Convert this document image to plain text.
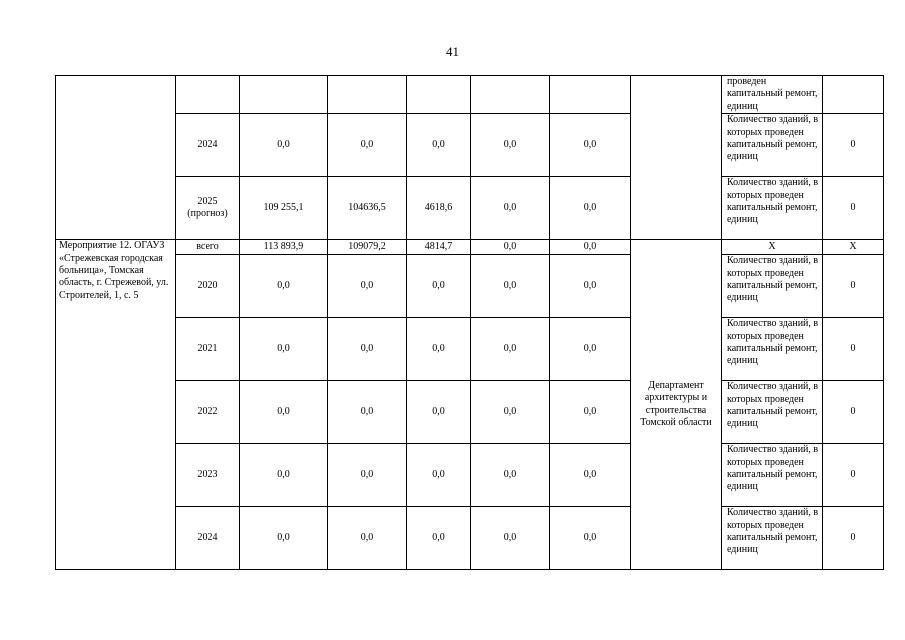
41
								проведен капитальный ремонт, единиц	
	2024	0,0	0,0	0,0	0,0	0,0		Количество зданий, в которых проведен капитальный ремонт, единиц	0
	2025 (прогноз)	109 255,1	104636,5	4618,6	0,0	0,0		Количество зданий, в которых проведен капитальный ремонт, единиц	0
Мероприятие 12. ОГАУЗ «Стрежевская городская больница», Томская область, г. Стрежевой, ул. Строителей, 1, с. 5	всего	113 893,9	109079,2	4814,7	0,0	0,0	Департамент архитектуры и строительства Томской области	X	X
	2020	0,0	0,0	0,0	0,0	0,0		Количество зданий, в которых проведен капитальный ремонт, единиц	0
	2021	0,0	0,0	0,0	0,0	0,0		Количество зданий, в которых проведен капитальный ремонт, единиц	0
	2022	0,0	0,0	0,0	0,0	0,0		Количество зданий, в которых проведен капитальный ремонт, единиц	0
	2023	0,0	0,0	0,0	0,0	0,0		Количество зданий, в которых проведен капитальный ремонт, единиц	0
	2024	0,0	0,0	0,0	0,0	0,0		Количество зданий, в которых проведен капитальный ремонт, единиц	0
